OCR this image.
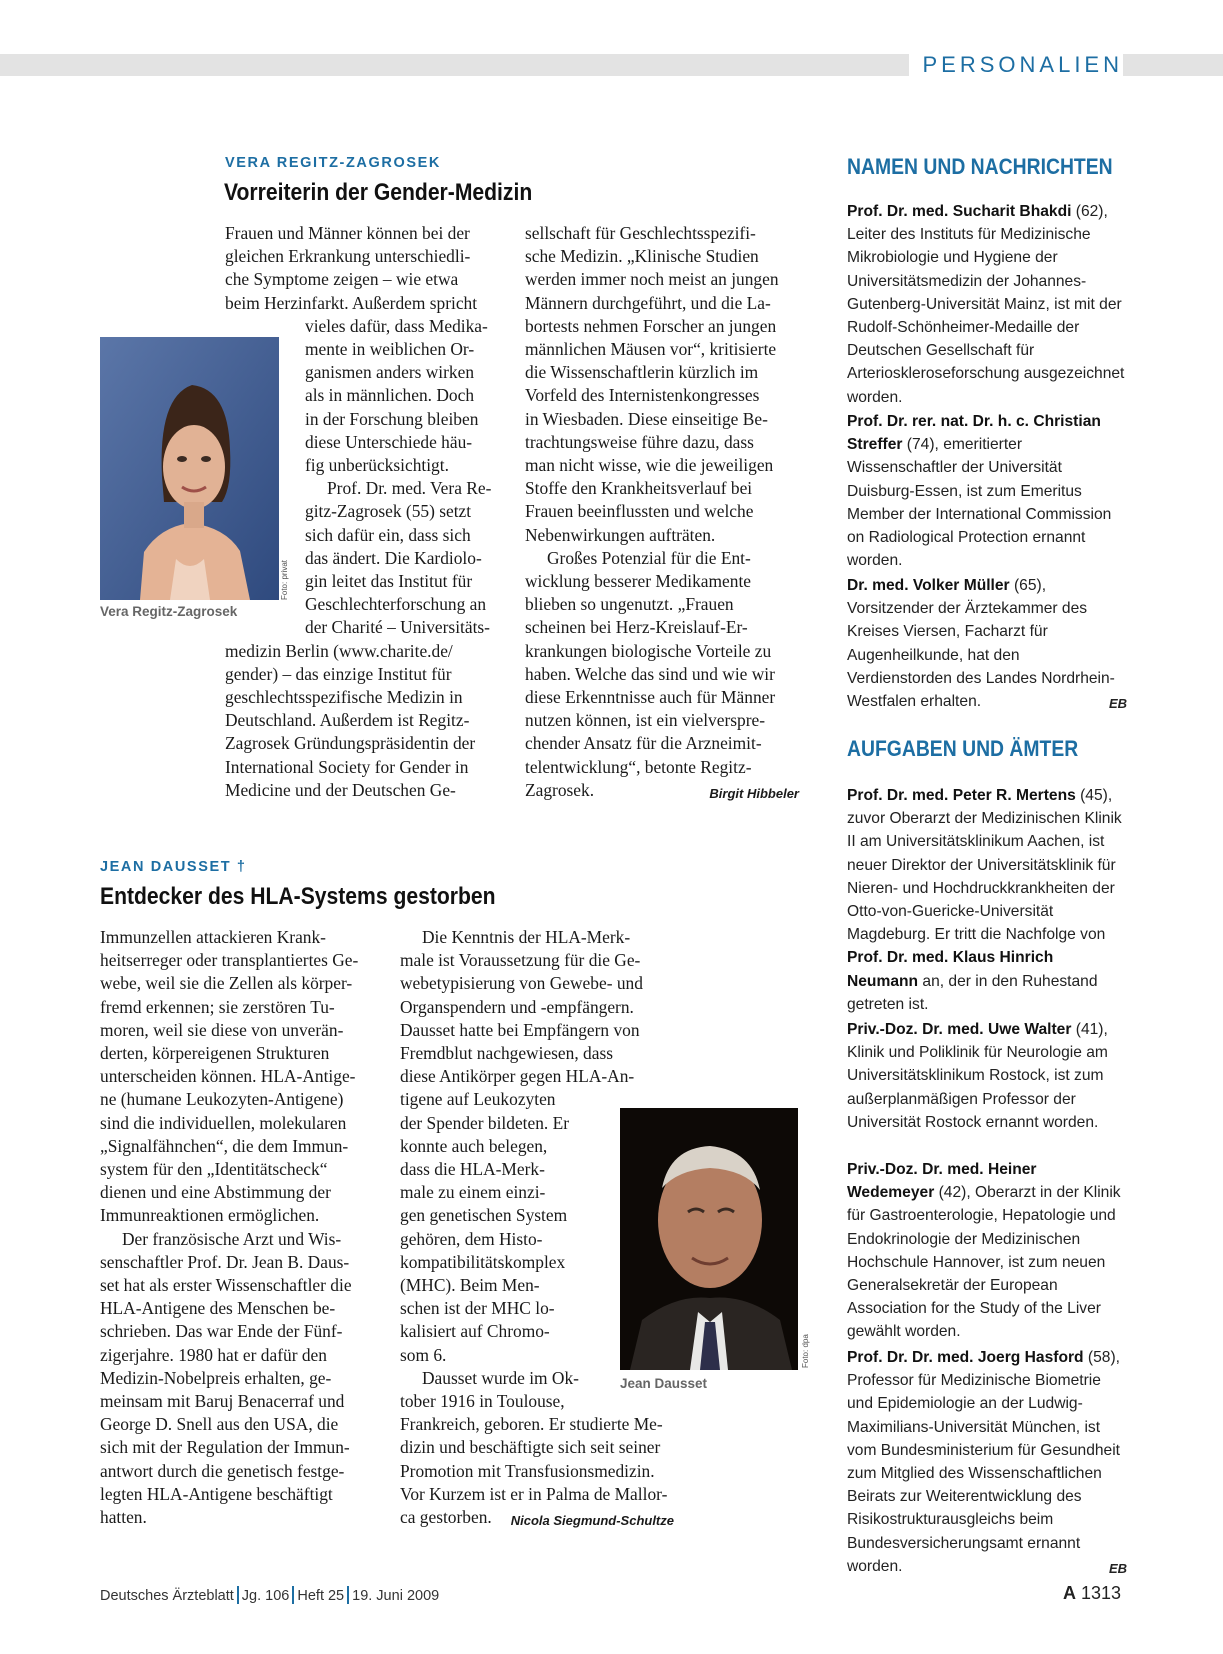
PERSONALIEN
VERA REGITZ-ZAGROSEK
Vorreiterin der Gender-Medizin
Foto: privat
Vera Regitz-Zagrosek
Frauen und Männer können bei der
gleichen Erkrankung unterschiedli-
che Symptome zeigen – wie etwa
beim Herzinfarkt. Außerdem spricht
vieles dafür, dass Medika-
mente in weiblichen Or-
ganismen anders wirken
als in männlichen. Doch
in der Forschung bleiben
diese Unterschiede häu-
fig unberücksichtigt.
Prof. Dr. med. Vera Re-
gitz-Zagrosek (55) setzt
sich dafür ein, dass sich
das ändert. Die Kardiolo-
gin leitet das Institut für
Geschlechterforschung an
der Charité – Universitäts-
medizin Berlin (www.charite.de/
gender) – das einzige Institut für
geschlechtsspezifische Medizin in
Deutschland. Außerdem ist Regitz-
Zagrosek Gründungspräsidentin der
International Society for Gender in
Medicine und der Deutschen Ge-
sellschaft für Geschlechtsspezifi-
sche Medizin. „Klinische Studien
werden immer noch meist an jungen
Männern durchgeführt, und die La-
bortests nehmen Forscher an jungen
männlichen Mäusen vor“, kritisierte
die Wissenschaftlerin kürzlich im
Vorfeld des Internistenkongresses
in Wiesbaden. Diese einseitige Be-
trachtungsweise führe dazu, dass
man nicht wisse, wie die jeweiligen
Stoffe den Krankheitsverlauf bei
Frauen beeinflussten und welche
Nebenwirkungen aufträten.
Großes Potenzial für die Ent-
wicklung besserer Medikamente
blieben so ungenutzt. „Frauen
scheinen bei Herz-Kreislauf-Er-
krankungen biologische Vorteile zu
haben. Welche das sind und wie wir
diese Erkenntnisse auch für Männer
nutzen können, ist ein vielverspre-
chender Ansatz für die Arzneimit-
telentwicklung“, betonte Regitz-
Zagrosek.	Birgit Hibbeler
JEAN DAUSSET †
Entdecker des HLA-Systems gestorben
Immunzellen attackieren Krank-
heitserreger oder transplantiertes Ge-
webe, weil sie die Zellen als körper-
fremd erkennen; sie zerstören Tu-
moren, weil sie diese von unverän-
derten, körpereigenen Strukturen
unterscheiden können. HLA-Antige-
ne (humane Leukozyten-Antigene)
sind die individuellen, molekularen
„Signalfähnchen“, die dem Immun-
system für den „Identitätscheck“
dienen und eine Abstimmung der
Immunreaktionen ermöglichen.
Der französische Arzt und Wis-
senschaftler Prof. Dr. Jean B. Daus-
set hat als erster Wissenschaftler die
HLA-Antigene des Menschen be-
schrieben. Das war Ende der Fünf-
zigerjahre. 1980 hat er dafür den
Medizin-Nobelpreis erhalten, ge-
meinsam mit Baruj Benacerraf und
George D. Snell aus den USA, die
sich mit der Regulation der Immun-
antwort durch die genetisch festge-
legten HLA-Antigene beschäftigt
hatten.
Foto: dpa
Jean Dausset
Die Kenntnis der HLA-Merk-
male ist Voraussetzung für die Ge-
webetypisierung von Gewebe- und
Organspendern und -empfängern.
Dausset hatte bei Empfängern von
Fremdblut nachgewiesen, dass
diese Antikörper gegen HLA-An-
tigene auf Leukozyten
der Spender bildeten. Er
konnte auch belegen,
dass die HLA-Merk-
male zu einem einzi-
gen genetischen System
gehören, dem Histo-
kompatibilitätskomplex
(MHC). Beim Men-
schen ist der MHC lo-
kalisiert auf Chromo-
som 6.
Dausset wurde im Ok-
tober 1916 in Toulouse,
Frankreich, geboren. Er studierte Me-
dizin und beschäftigte sich seit seiner
Promotion mit Transfusionsmedizin.
Vor Kurzem ist er in Palma de Mallor-
ca gestorben. Nicola Siegmund-Schultze
NAMEN UND NACHRICHTEN

Prof. Dr. med. Sucharit Bhakdi (62), Leiter des Instituts für Medizinische Mikrobiologie und Hygiene der Universitätsmedizin der Johannes-Gutenberg-Universität Mainz, ist mit der Rudolf-Schönheimer-Medaille der Deutschen Gesellschaft für Arterioskleroseforschung ausgezeichnet worden.

Prof. Dr. rer. nat. Dr. h. c. Christian Streffer (74), emeritierter Wissenschaftler der Universität Duisburg-Essen, ist zum Emeritus Member der International Commission on Radiological Protection ernannt worden.

Dr. med. Volker Müller (65), Vorsitzender der Ärztekammer des Kreises Viersen, Facharzt für Augenheilkunde, hat den Verdienstorden des Landes Nordrhein-Westfalen erhalten.	EB

AUFGABEN UND ÄMTER

Prof. Dr. med. Peter R. Mertens (45), zuvor Oberarzt der Medizinischen Klinik II am Universitätsklinikum Aachen, ist neuer Direktor der Universitätsklinik für Nieren- und Hochdruckkrankheiten der Otto-von-Guericke-Universität Magdeburg. Er tritt die Nachfolge von Prof. Dr. med. Klaus Hinrich Neumann an, der in den Ruhestand getreten ist.

Priv.-Doz. Dr. med. Uwe Walter (41), Klinik und Poliklinik für Neurologie am Universitätsklinikum Rostock, ist zum außerplanmäßigen Professor der Universität Rostock ernannt worden.

Priv.-Doz. Dr. med. Heiner Wedemeyer (42), Oberarzt in der Klinik für Gastroenterologie, Hepatologie und Endokrinologie der Medizinischen Hochschule Hannover, ist zum neuen Generalsekretär der European Association for the Study of the Liver gewählt worden.

Prof. Dr. Dr. med. Joerg Hasford (58), Professor für Medizinische Biometrie und Epidemiologie an der Ludwig-Maximilians-Universität München, ist vom Bundesministerium für Gesundheit zum Mitglied des Wissenschaftlichen Beirats zur Weiterentwicklung des Risikostrukturausgleichs beim Bundesversicherungsamt ernannt worden.	EB

Deutsches Ärzteblatt Jg. 106 Heft 25 19. Juni 2009	A 1313
